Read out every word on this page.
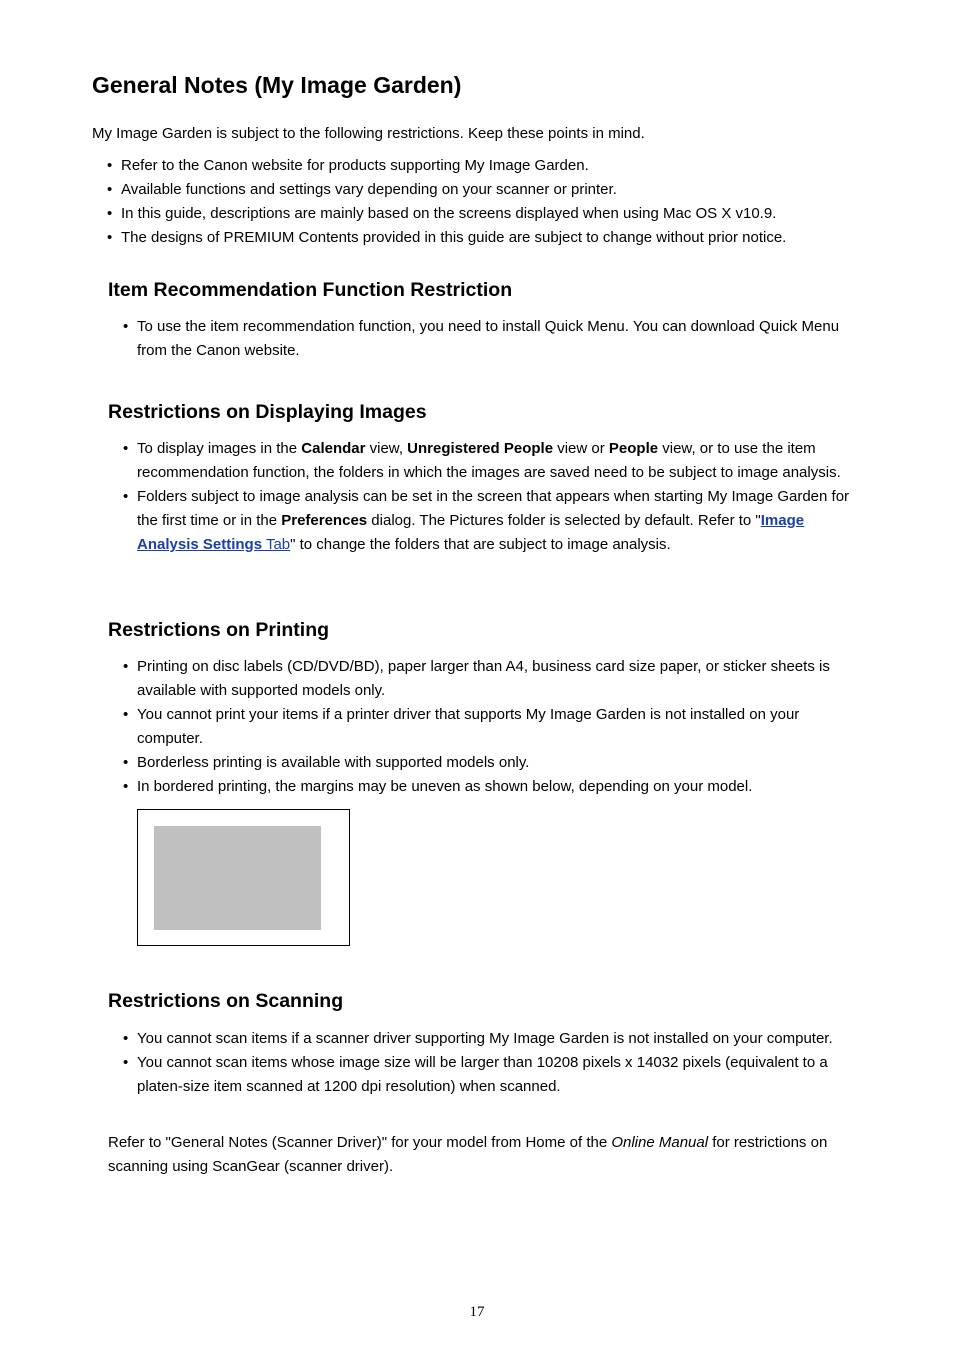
General Notes (My Image Garden)

My Image Garden is subject to the following restrictions. Keep these points in mind.

• Refer to the Canon website for products supporting My Image Garden.
• Available functions and settings vary depending on your scanner or printer.
• In this guide, descriptions are mainly based on the screens displayed when using Mac OS X v10.9.
• The designs of PREMIUM Contents provided in this guide are subject to change without prior notice.
Item Recommendation Function Restriction
• To use the item recommendation function, you need to install Quick Menu. You can download Quick Menu from the Canon website.
Restrictions on Displaying Images
• To display images in the Calendar view, Unregistered People view or People view, or to use the item recommendation function, the folders in which the images are saved need to be subject to image analysis.
• Folders subject to image analysis can be set in the screen that appears when starting My Image Garden for the first time or in the Preferences dialog. The Pictures folder is selected by default. Refer to "Image Analysis Settings Tab" to change the folders that are subject to image analysis.
Restrictions on Printing
• Printing on disc labels (CD/DVD/BD), paper larger than A4, business card size paper, or sticker sheets is available with supported models only.
• You cannot print your items if a printer driver that supports My Image Garden is not installed on your computer.
• Borderless printing is available with supported models only.
• In bordered printing, the margins may be uneven as shown below, depending on your model.
Restrictions on Scanning
• You cannot scan items if a scanner driver supporting My Image Garden is not installed on your computer.
• You cannot scan items whose image size will be larger than 10208 pixels x 14032 pixels (equivalent to a platen-size item scanned at 1200 dpi resolution) when scanned.

Refer to "General Notes (Scanner Driver)" for your model from Home of the Online Manual for restrictions on scanning using ScanGear (scanner driver).

17
